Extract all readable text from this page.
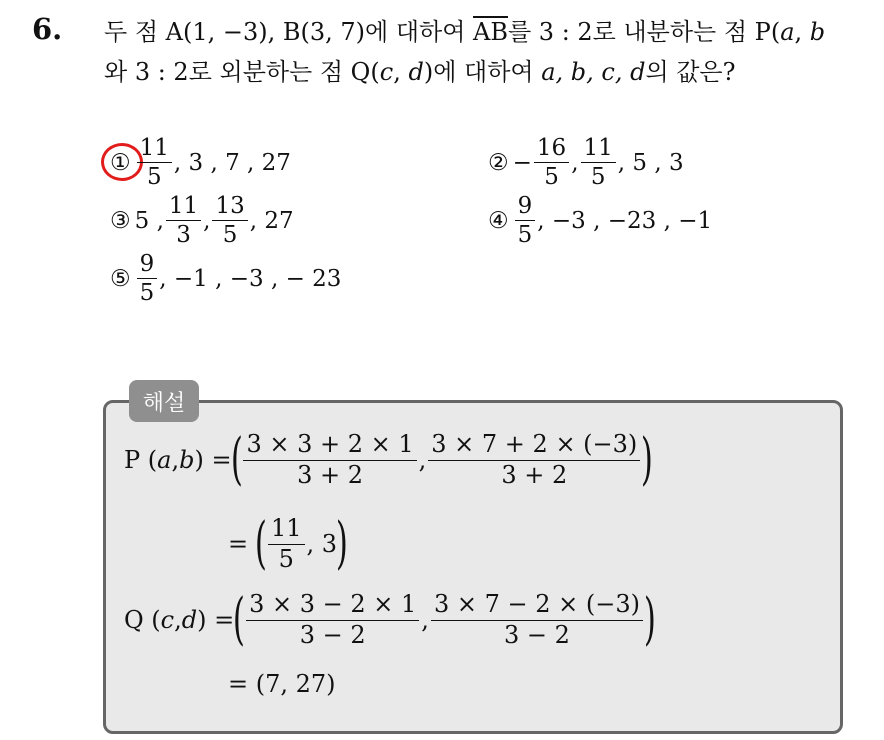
6. 두 점 A(1, −3), B(3, 7)에 대하여 $\overline{AB}$를 3 : 2로 내분하는 점 P(a, b
와 3 : 2로 외분하는 점 Q(c, d)에 대하여 a, b, c, d의 값은?
① $\frac{11}{5}$ , 3 , 7 , 27	② − $\frac{16}{5}$ , $\frac{11}{5}$ , 5 , 3
③ 5 , $\frac{11}{3}$ , $\frac{13}{5}$ , 27	④ $\frac{9}{5}$ , −3 , −23 , −1
⑤ $\frac{9}{5}$ , −1 , −3 , − 23
해설
P ( a , b ) =
( $\frac{3 \times 3 + 2 \times 1}{3 + 2}$ , $\frac{3 \times 7 + 2 \times (-3)}{3 + 2}$ )
= ( $\frac{11}{5}$ , 3
)
Q ( c , d ) =
( $\frac{3 \times 3 - 2 \times 1}{3 - 2}$ , $\frac{3 \times 7 - 2 \times (-3)}{3 - 2}$ )
= (7, 27)
